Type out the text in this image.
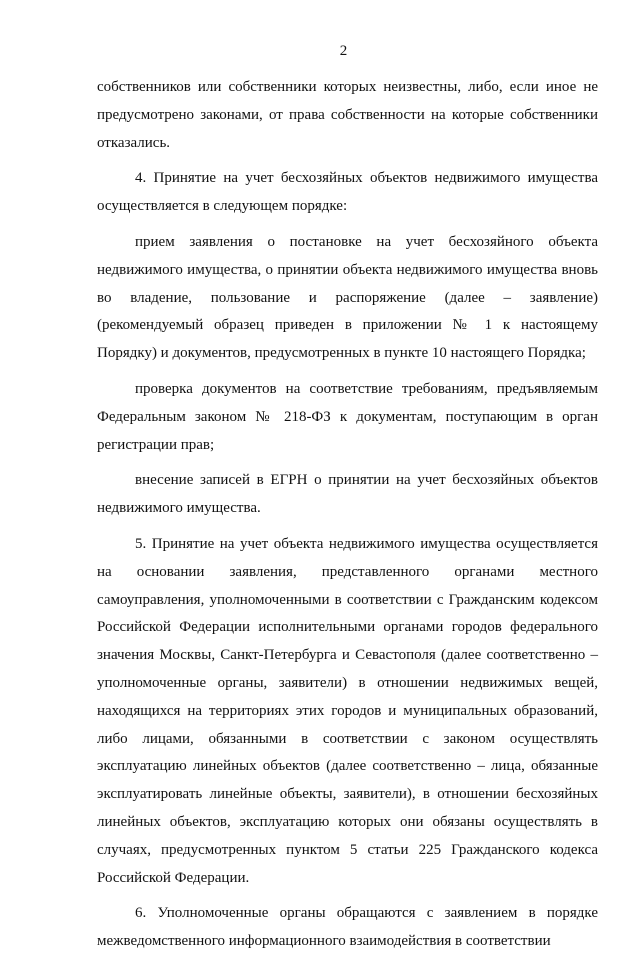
2

собственников или собственники которых неизвестны, либо, если иное не предусмотрено законами, от права собственности на которые собственники отказались.

4. Принятие на учет бесхозяйных объектов недвижимого имущества осуществляется в следующем порядке:

прием заявления о постановке на учет бесхозяйного объекта недвижимого имущества, о принятии объекта недвижимого имущества вновь во владение, пользование и распоряжение (далее – заявление) (рекомендуемый образец приведен в приложении № 1 к настоящему Порядку) и документов, предусмотренных в пункте 10 настоящего Порядка;

проверка документов на соответствие требованиям, предъявляемым Федеральным законом № 218-ФЗ к документам, поступающим в орган регистрации прав;

внесение записей в ЕГРН о принятии на учет бесхозяйных объектов недвижимого имущества.

5. Принятие на учет объекта недвижимого имущества осуществляется на основании заявления, представленного органами местного самоуправления, уполномоченными в соответствии с Гражданским кодексом Российской Федерации исполнительными органами городов федерального значения Москвы, Санкт-Петербурга и Севастополя (далее соответственно – уполномоченные органы, заявители) в отношении недвижимых вещей, находящихся на территориях этих городов и муниципальных образований, либо лицами, обязанными в соответствии с законом осуществлять эксплуатацию линейных объектов (далее соответственно – лица, обязанные эксплуатировать линейные объекты, заявители), в отношении бесхозяйных линейных объектов, эксплуатацию которых они обязаны осуществлять в случаях, предусмотренных пунктом 5 статьи 225 Гражданского кодекса Российской Федерации.

6. Уполномоченные органы обращаются с заявлением в порядке межведомственного информационного взаимодействия в соответствии
